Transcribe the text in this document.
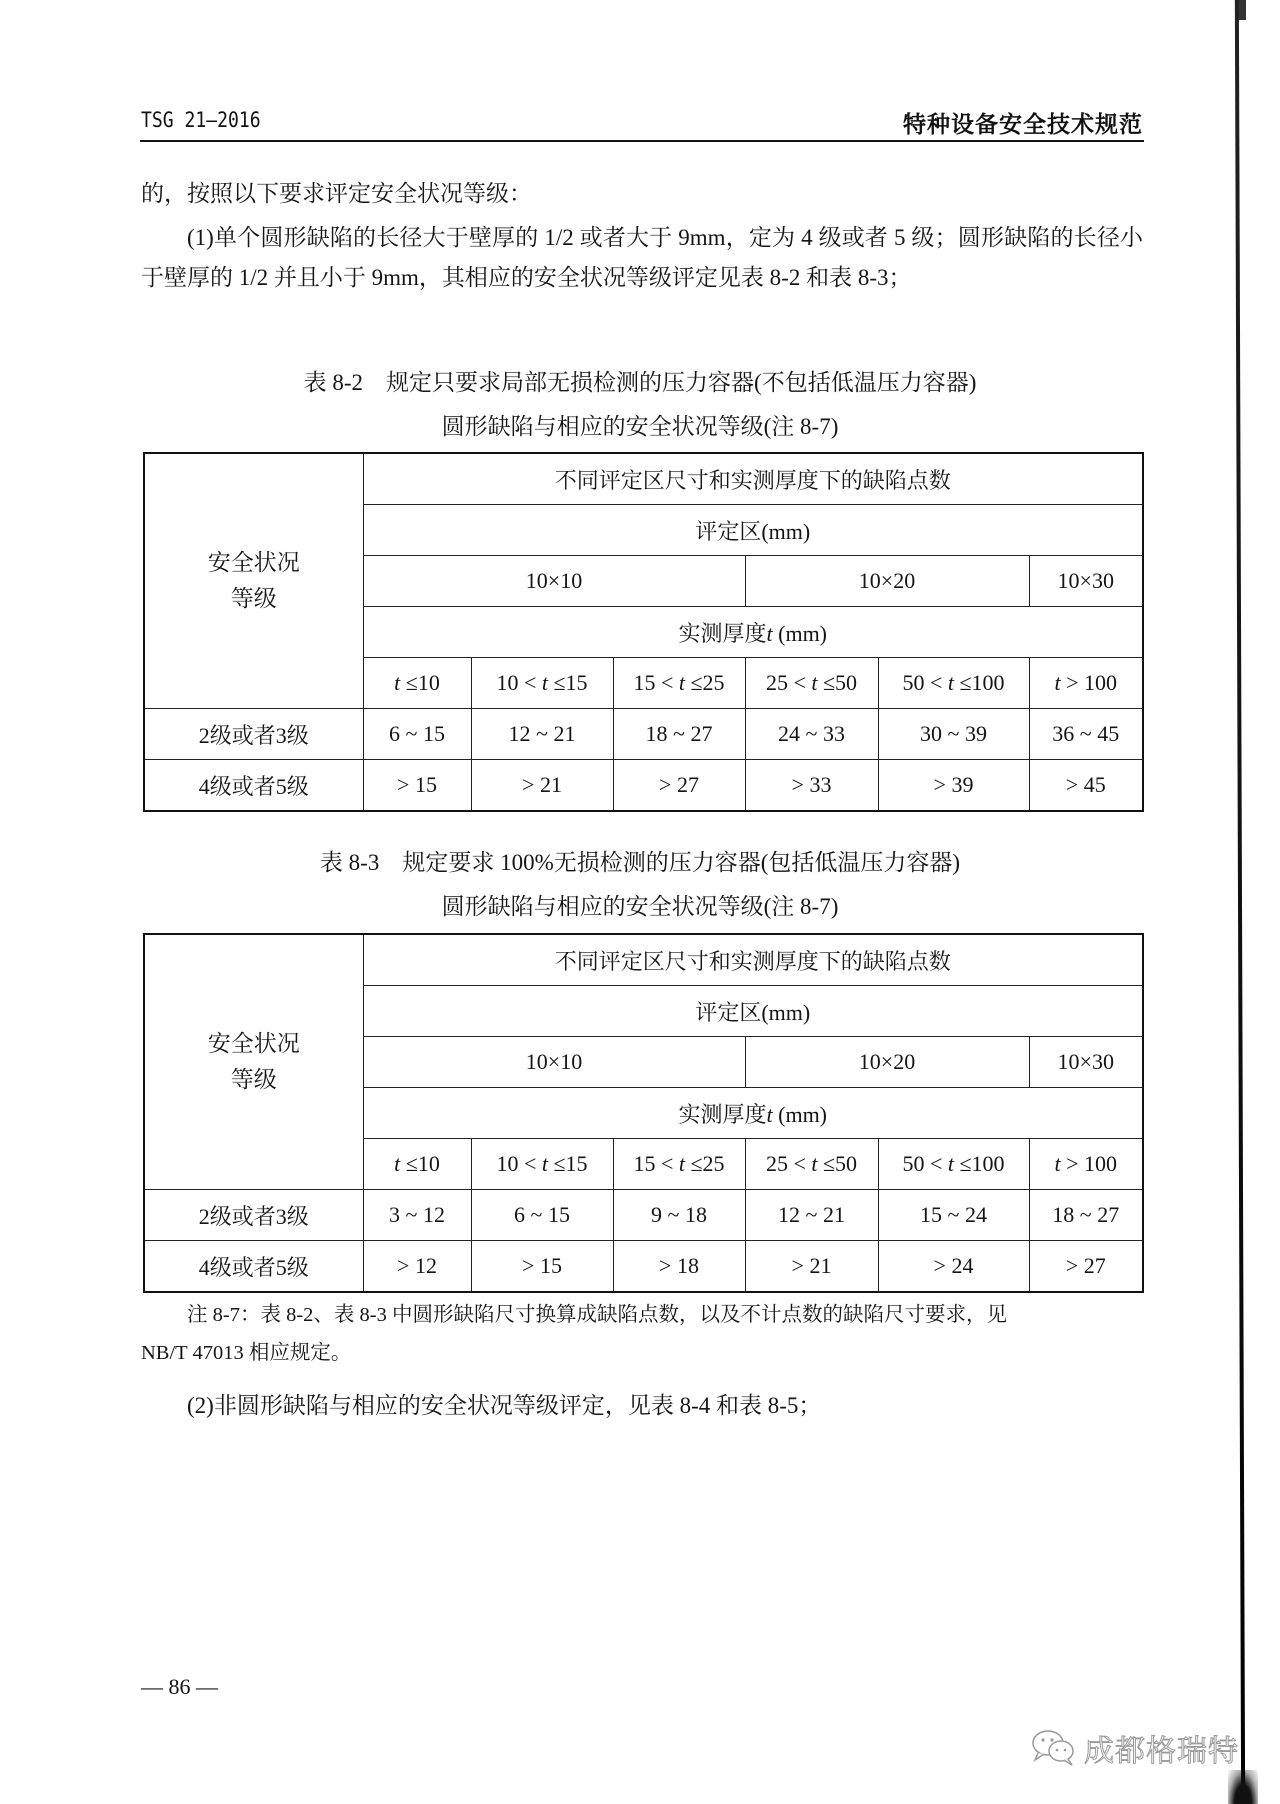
TSG 21—2016	特种设备安全技术规范
的，按照以下要求评定安全状况等级：
(1)单个圆形缺陷的长径大于壁厚的 1/2 或者大于 9mm，定为 4 级或者 5 级；圆形缺陷的长径小于壁厚的 1/2 并且小于 9mm，其相应的安全状况等级评定见表 8-2 和表 8-3；
表 8-2　规定只要求局部无损检测的压力容器(不包括低温压力容器)
圆形缺陷与相应的安全状况等级(注 8-7)
安全状况
等级	不同评定区尺寸和实测厚度下的缺陷点数					
	评定区(mm)					
	10×10			10×20		10×30
	实测厚度t (mm)					
	t ≤10	10 < t ≤15	15 < t ≤25	25 < t ≤50	50 < t ≤100	t > 100
2级或者3级	6 ~ 15	12 ~ 21	18 ~ 27	24 ~ 33	30 ~ 39	36 ~ 45
4级或者5级	> 15	> 21	> 27	> 33	> 39	> 45
表 8-3　规定要求 100%无损检测的压力容器(包括低温压力容器)
圆形缺陷与相应的安全状况等级(注 8-7)
安全状况
等级	不同评定区尺寸和实测厚度下的缺陷点数					
	评定区(mm)					
	10×10			10×20		10×30
	实测厚度t (mm)					
	t ≤10	10 < t ≤15	15 < t ≤25	25 < t ≤50	50 < t ≤100	t > 100
2级或者3级	3 ~ 12	6 ~ 15	9 ~ 18	12 ~ 21	15 ~ 24	18 ~ 27
4级或者5级	> 12	> 15	> 18	> 21	> 24	> 27
注 8-7：表 8-2、表 8-3 中圆形缺陷尺寸换算成缺陷点数，以及不计点数的缺陷尺寸要求，见
NB/T 47013 相应规定。
(2)非圆形缺陷与相应的安全状况等级评定，见表 8-4 和表 8-5；
— 86 —
成都格瑞特
